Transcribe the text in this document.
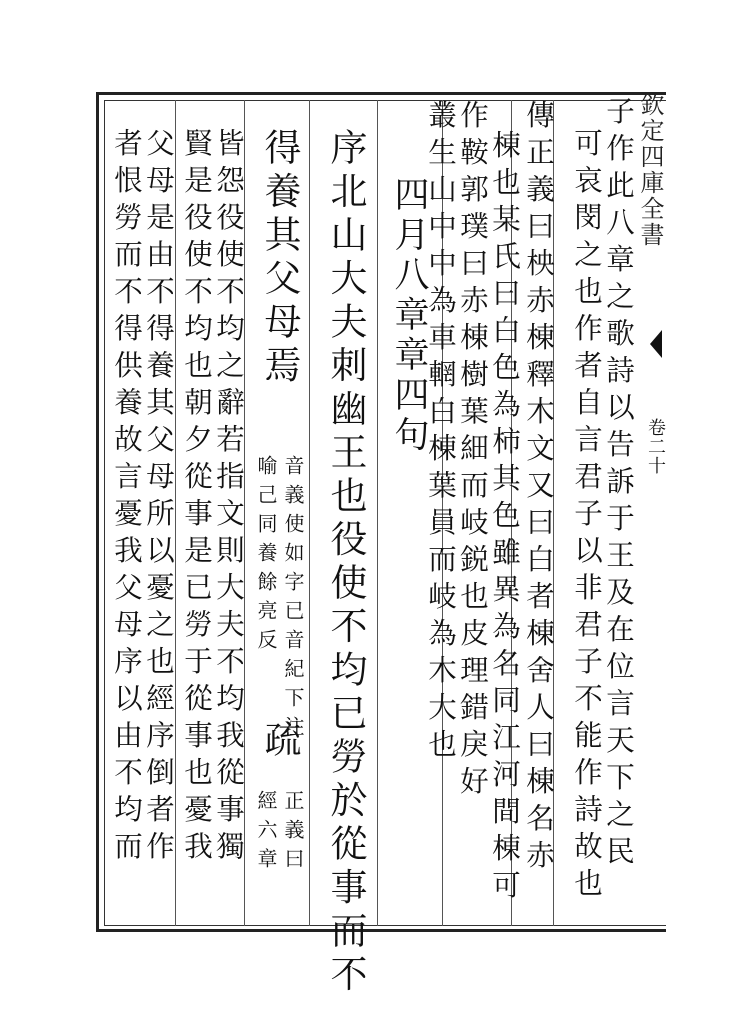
欽定四庫全書
卷二十
子作此八章之歌詩以告訴于王及在位言天下之民
可哀閔之也作者自言君子以非君子不能作詩故也
傳正義曰柍赤棟釋木文又曰白者棟舍人曰棟名赤
棟也某氏曰白色為柿其色雖異為名同江河間棟可
作鞍郭璞曰赤棟樹葉細而岐鋭也皮理錯戾好
叢生山中中為車輞白棟葉員而岐為木大也
四月八章章四句
序北山大夫刺幽王也役使不均已勞於從事而不
得養其父母焉
音義使如字已音紀下注
喻己同養餘亮反
疏
正義曰
經六章
皆怨役使不均之辭若指文則大夫不均我從事獨
賢是役使不均也朝夕從事是已勞于從事也憂我
父母是由不得養其父母所以憂之也經序倒者作
者恨勞而不得供養故言憂我父母序以由不均而
